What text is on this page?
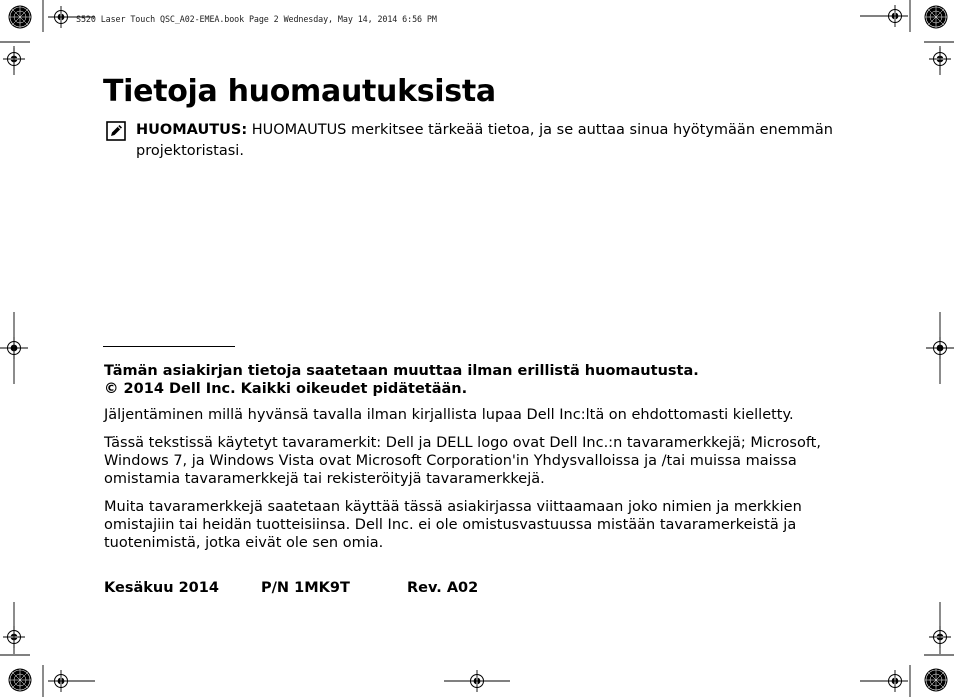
S520 Laser Touch QSC_A02-EMEA.book Page 2 Wednesday, May 14, 2014 6:56 PM
Tietoja huomautuksista
HUOMAUTUS: HUOMAUTUS merkitsee tärkeää tietoa, ja se auttaa sinua hyötymään enemmän projektoristasi.
Tämän asiakirjan tietoja saatetaan muuttaa ilman erillistä huomautusta.

© 2014 Dell Inc. Kaikki oikeudet pidätetään.

Jäljentäminen millä hyvänsä tavalla ilman kirjallista lupaa Dell Inc:ltä on ehdottomasti kielletty.

Tässä tekstissä käytetyt tavaramerkit: Dell ja DELL logo ovat Dell Inc.:n tavaramerkkejä; Microsoft, Windows 7, ja Windows Vista ovat Microsoft Corporation'in Yhdysvalloissa ja /tai muissa maissa omistamia tavaramerkkejä tai rekisteröityjä tavaramerkkejä.

Muita tavaramerkkejä saatetaan käyttää tässä asiakirjassa viittaamaan joko nimien ja merkkien omistajiin tai heidän tuotteisiinsa. Dell Inc. ei ole omistusvastuussa mistään tavaramerkeistä ja tuotenimistä, jotka eivät ole sen omia.

Kesäkuu 2014	P/N 1MK9T	Rev. A02
